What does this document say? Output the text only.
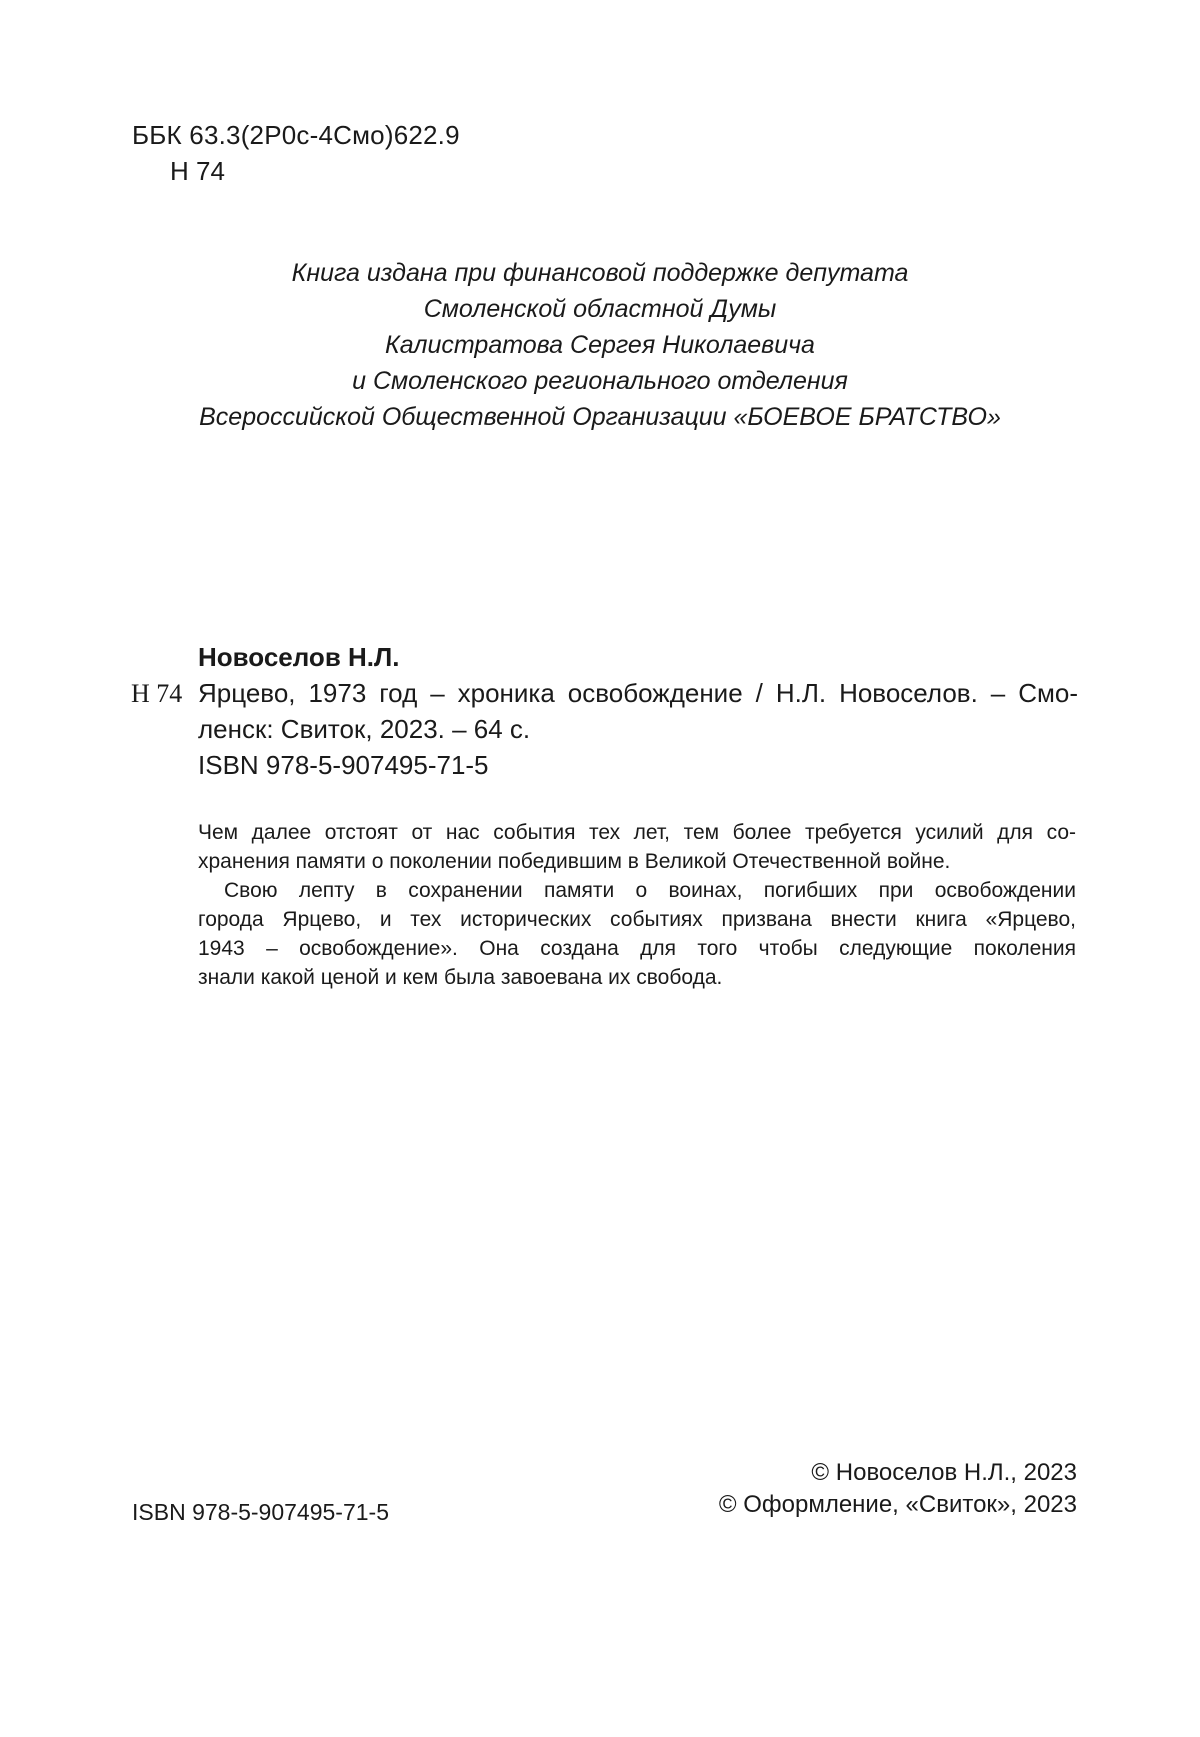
ББК 63.3(2Р0с-4Смо)622.9
Н 74
Книга издана при финансовой поддержке депутата
Смоленской областной Думы
Калистратова Сергея Николаевича
и Смоленского регионального отделения
Всероссийской Общественной Организации «БОЕВОЕ БРАТСТВО»
Новоселов Н.Л.
Н 74 Ярцево, 1973 год – хроника освобождение / Н.Л. Новоселов. – Смо-
ленск: Свиток, 2023. – 64 с.
ISBN 978-5-907495-71-5
Чем далее отстоят от нас события тех лет, тем более требуется усилий для со-
хранения памяти о поколении победившим в Великой Отечественной войне.
Свою лепту в сохранении памяти о воинах, погибших при освобождении
города Ярцево, и тех исторических событиях призвана внести книга «Ярцево,
1943 – освобождение». Она создана для того чтобы следующие поколения
знали какой ценой и кем была завоевана их свобода.
© Новоселов Н.Л., 2023
© Оформление, «Свиток», 2023
ISBN 978-5-907495-71-5
